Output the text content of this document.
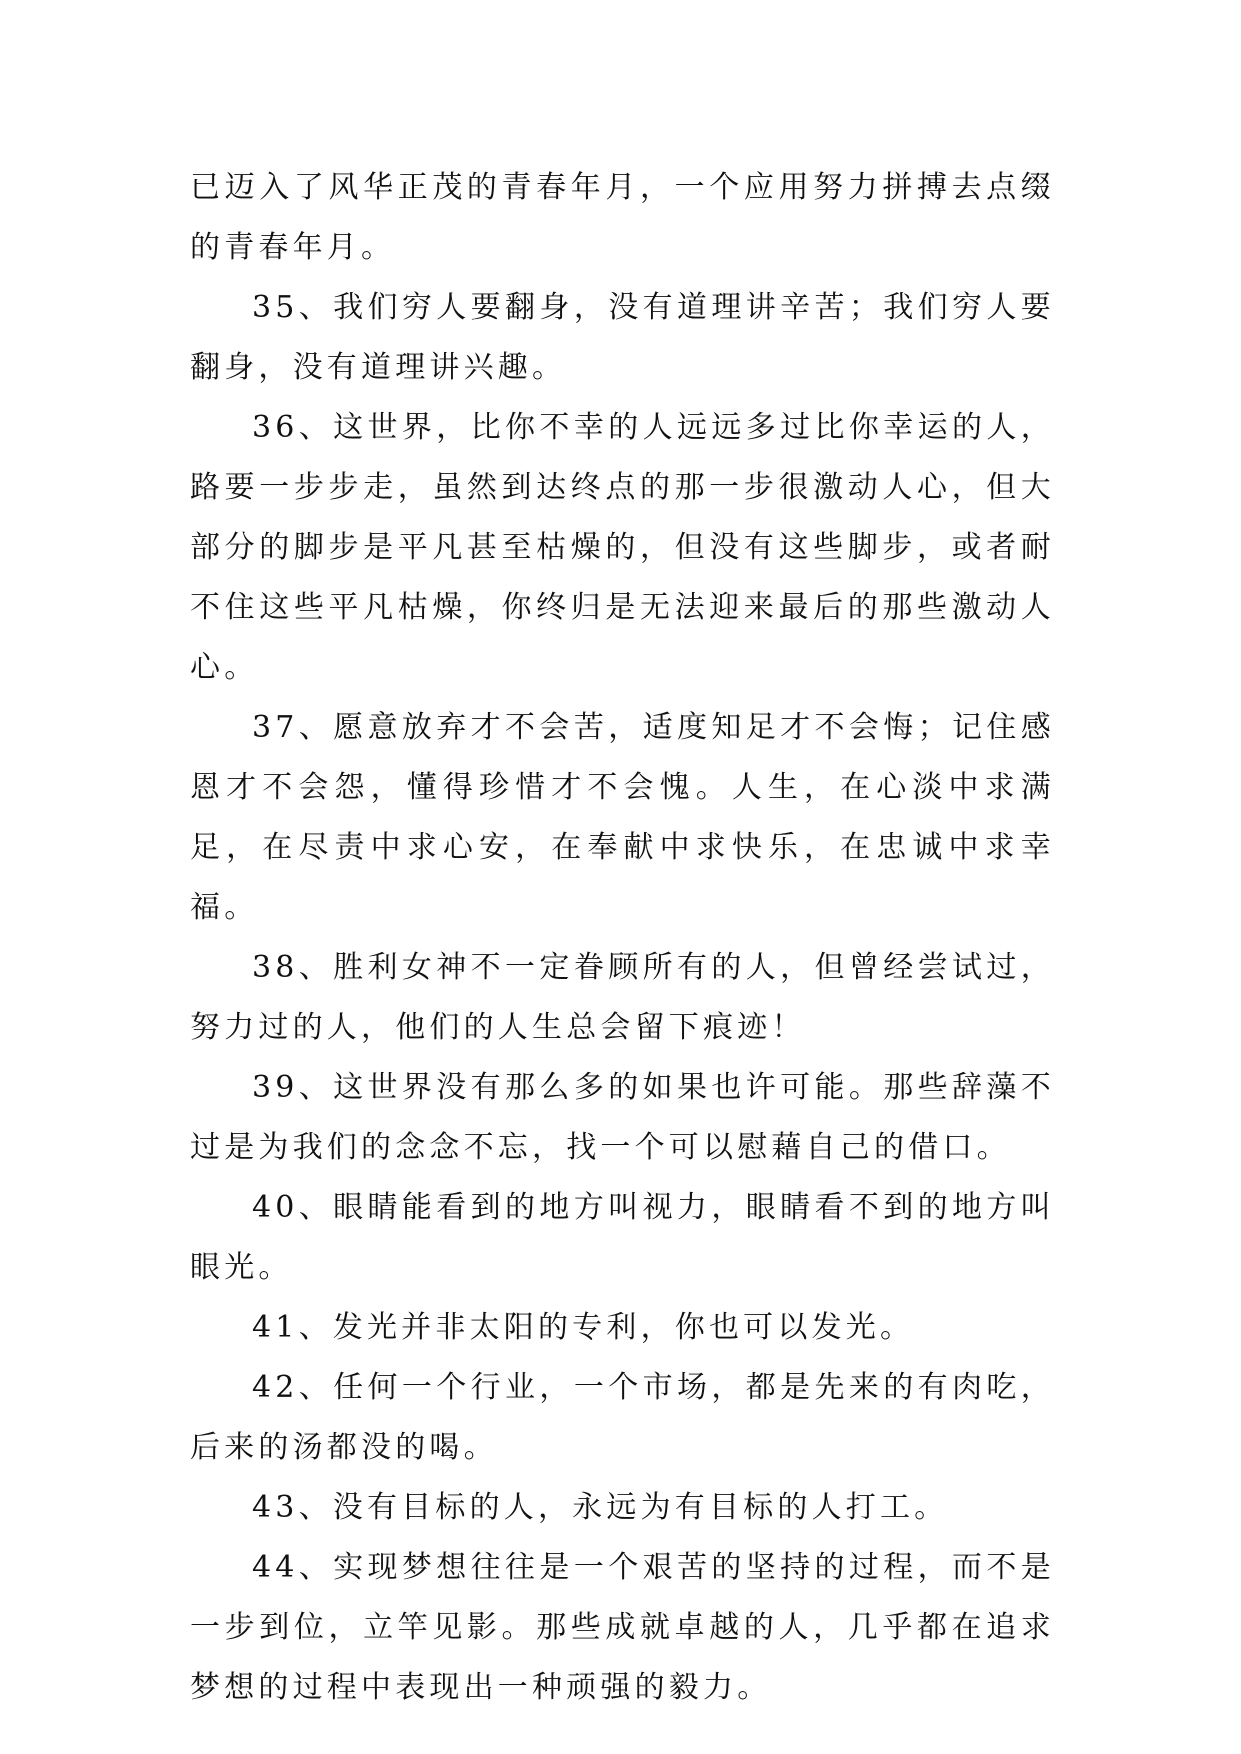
已迈入了风华正茂的青春年月，一个应用努力拼搏去点缀的青春年月。

35、我们穷人要翻身，没有道理讲辛苦；我们穷人要翻身，没有道理讲兴趣。

36、这世界，比你不幸的人远远多过比你幸运的人，路要一步步走，虽然到达终点的那一步很激动人心，但大部分的脚步是平凡甚至枯燥的，但没有这些脚步，或者耐不住这些平凡枯燥，你终归是无法迎来最后的那些激动人心。

37、愿意放弃才不会苦，适度知足才不会悔；记住感恩才不会怨，懂得珍惜才不会愧。人生，在心淡中求满足，在尽责中求心安，在奉献中求快乐，在忠诚中求幸福。

38、胜利女神不一定眷顾所有的人，但曾经尝试过，努力过的人，他们的人生总会留下痕迹！

39、这世界没有那么多的如果也许可能。那些辞藻不过是为我们的念念不忘，找一个可以慰藉自己的借口。

40、眼睛能看到的地方叫视力，眼睛看不到的地方叫眼光。

41、发光并非太阳的专利，你也可以发光。

42、任何一个行业，一个市场，都是先来的有肉吃，后来的汤都没的喝。

43、没有目标的人，永远为有目标的人打工。

44、实现梦想往往是一个艰苦的坚持的过程，而不是一步到位，立竿见影。那些成就卓越的人，几乎都在追求梦想的过程中表现出一种顽强的毅力。
